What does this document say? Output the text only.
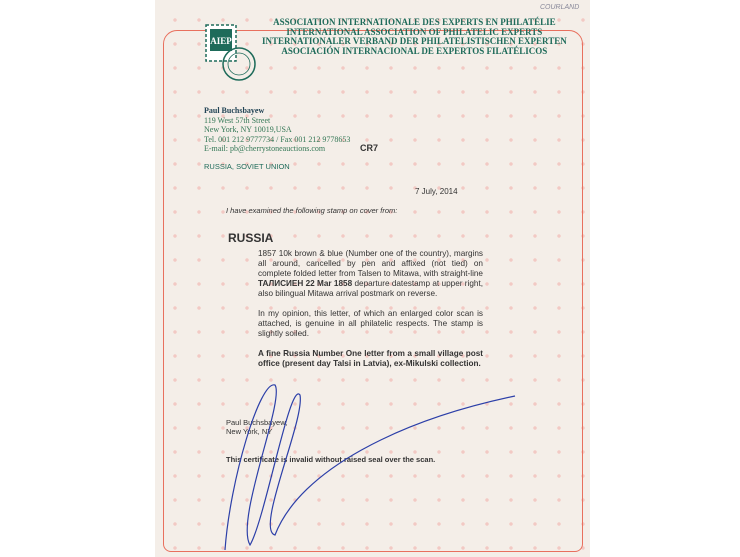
COURLAND
AIEP
ASSOCIATION INTERNATIONALE DES EXPERTS EN PHILATÉLIE
INTERNATIONAL ASSOCIATION OF PHILATELIC EXPERTS
INTERNATIONALER VERBAND DER PHILATELISTISCHEN EXPERTEN
ASOCIACIÓN INTERNACIONAL DE EXPERTOS FILATÉLICOS
Paul Buchsbayew
119 West 57th Street
New York, NY 10019,USA
Tel. 001 212 9777734 / Fax 001 212 9778653
E-mail: pb@cherrystoneauctions.com	CR7
RUSSIA, SOVIET UNION
7 July, 2014
I have examined the following stamp on cover from:
RUSSIA

1857 10k brown & blue (Number one of the country), margins all around, cancelled by pen and affixed (not tied) on complete folded letter from Talsen to Mitawa, with straight-line ТАЛИСИЕН 22 Mar 1858 departure datestamp at upper right, also bilingual Mitawa arrival postmark on reverse.

In my opinion, this letter, of which an enlarged color scan is attached, is genuine in all philatelic respects. The stamp is slightly soiled.

A fine Russia Number One letter from a small village post office (present day Talsi in Latvia), ex-Mikulski collection.

Paul Buchsbayew,
New York, NY
This certificate is invalid without raised seal over the scan.
